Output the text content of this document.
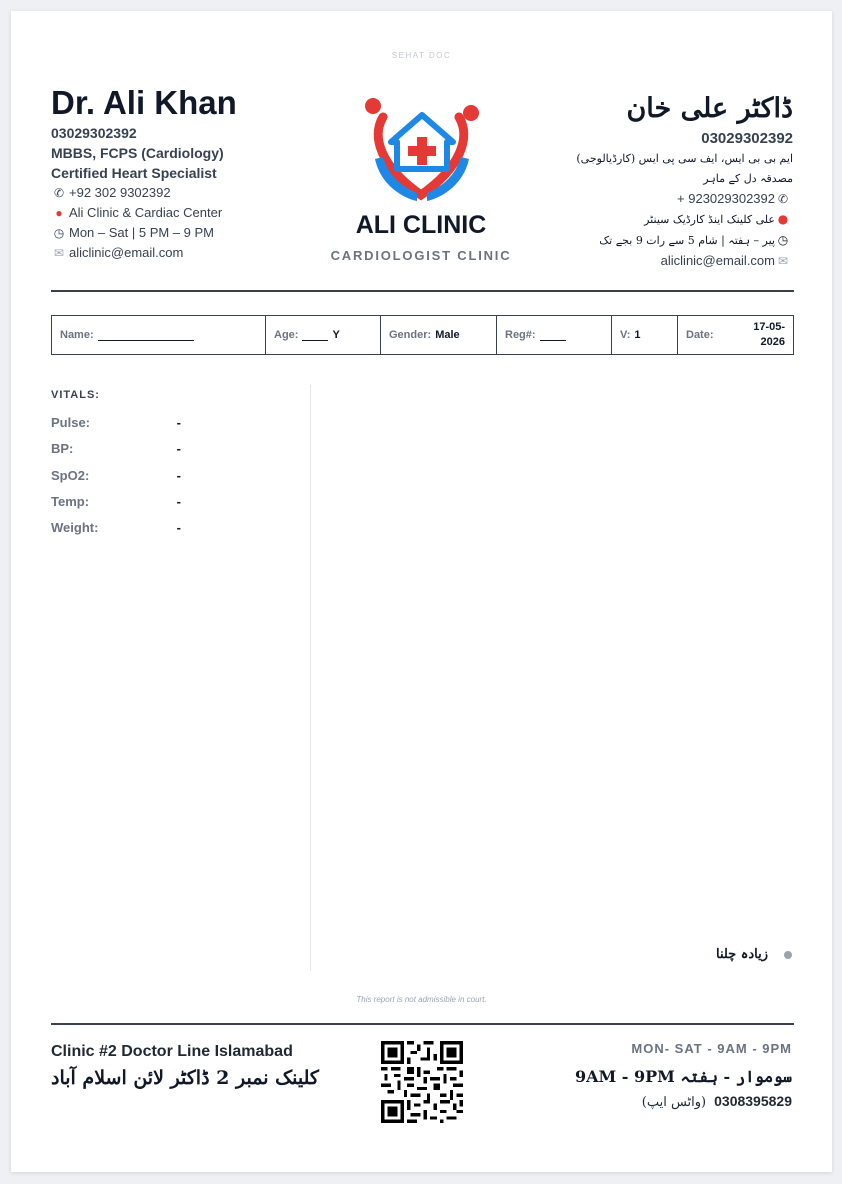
SEHAT DOC
Dr. Ali Khan
03029302392
MBBS, FCPS (Cardiology)
Certified Heart Specialist
✆ +92 302 9302392
● Ali Clinic & Cardiac Center
◷ Mon – Sat | 5 PM – 9 PM
✉ aliclinic@email.com
ALI CLINIC
CARDIOLOGIST CLINIC
ڈاکٹر علی خان
03029302392
ایم بی بی ایس، ایف سی پی ایس (کارڈیالوجی)
مصدقہ دل کے ماہر
+ 923029302392 ✆
●علی کلینک اینڈ کارڈیک سینٹر
◷پیر – ہفتہ | شام 5 سے رات 9 بجے تک
aliclinic@email.com ✉
Name:	Age:	Y	Gender: Male	Reg#:	V: 1	Date:
17-05-
2026
VITALS:
Pulse:	-
BP:	-
SpO2:	-
Temp:	-
Weight:	-
زیادہ چلنا
This report is not admissible in court.
Clinic #2 Doctor Line Islamabad
کلینک نمبر 2 ڈاکٹر لائن اسلام آباد
MON- SAT - 9AM - 9PM
سوموار - ہفتہ 9AM - 9PM
(واٹس ایپ) 0308395829
